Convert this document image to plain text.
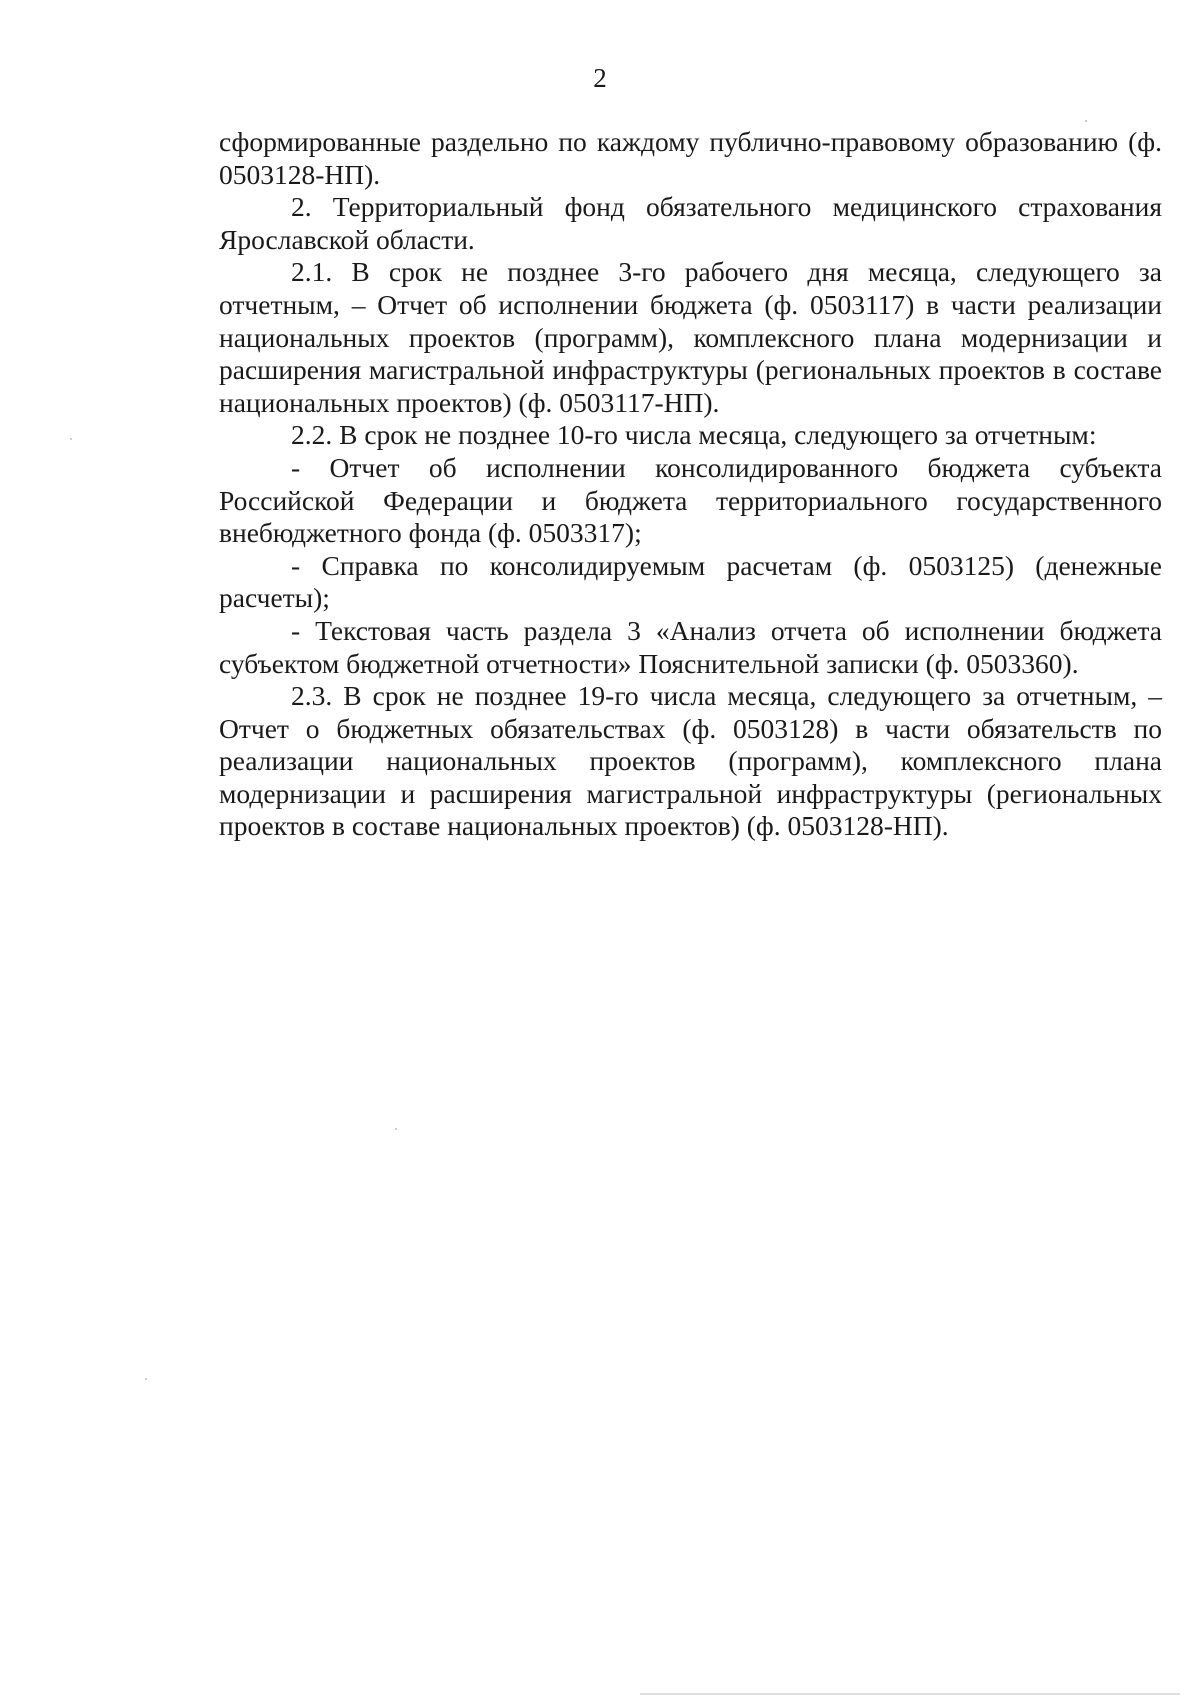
2

сформированные раздельно по каждому публично-правовому образованию (ф. 0503128-НП).

2. Территориальный фонд обязательного медицинского страхования Ярославской области.

2.1. В срок не позднее 3-го рабочего дня месяца, следующего за отчетным, – Отчет об исполнении бюджета (ф. 0503117) в части реализации национальных проектов (программ), комплексного плана модернизации и расширения магистральной инфраструктуры (региональных проектов в составе национальных проектов) (ф. 0503117-НП).

2.2. В срок не позднее 10-го числа месяца, следующего за отчетным:

- Отчет об исполнении консолидированного бюджета субъекта Российской Федерации и бюджета территориального государственного внебюджетного фонда (ф. 0503317);

- Справка по консолидируемым расчетам (ф. 0503125) (денежные расчеты);

- Текстовая часть раздела 3 «Анализ отчета об исполнении бюджета субъектом бюджетной отчетности» Пояснительной записки (ф. 0503360).

2.3. В срок не позднее 19-го числа месяца, следующего за отчетным, – Отчет о бюджетных обязательствах (ф. 0503128) в части обязательств по реализации национальных проектов (программ), комплексного плана модернизации и расширения магистральной инфраструктуры (региональных проектов в составе национальных проектов) (ф. 0503128-НП).
